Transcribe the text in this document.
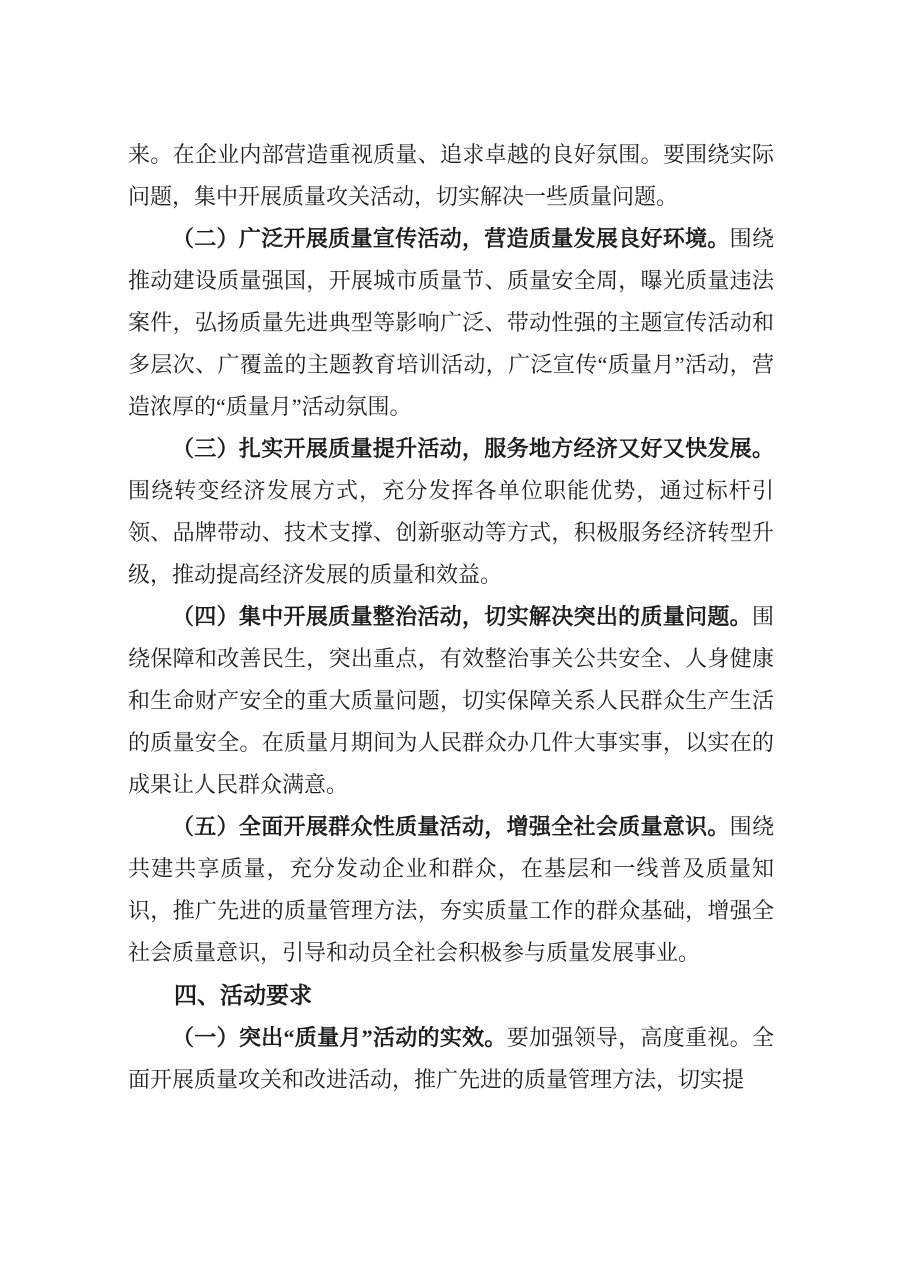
来。在企业内部营造重视质量、追求卓越的良好氛围。要围绕实际问题，集中开展质量攻关活动，切实解决一些质量问题。

（二）广泛开展质量宣传活动，营造质量发展良好环境。围绕推动建设质量强国，开展城市质量节、质量安全周，曝光质量违法案件，弘扬质量先进典型等影响广泛、带动性强的主题宣传活动和多层次、广覆盖的主题教育培训活动，广泛宣传“质量月”活动，营造浓厚的“质量月”活动氛围。

（三）扎实开展质量提升活动，服务地方经济又好又快发展。围绕转变经济发展方式，充分发挥各单位职能优势，通过标杆引领、品牌带动、技术支撑、创新驱动等方式，积极服务经济转型升级，推动提高经济发展的质量和效益。

（四）集中开展质量整治活动，切实解决突出的质量问题。围绕保障和改善民生，突出重点，有效整治事关公共安全、人身健康和生命财产安全的重大质量问题，切实保障关系人民群众生产生活的质量安全。在质量月期间为人民群众办几件大事实事，以实在的成果让人民群众满意。

（五）全面开展群众性质量活动，增强全社会质量意识。围绕共建共享质量，充分发动企业和群众，在基层和一线普及质量知识，推广先进的质量管理方法，夯实质量工作的群众基础，增强全社会质量意识，引导和动员全社会积极参与质量发展事业。

四、活动要求

（一）突出“质量月”活动的实效。要加强领导，高度重视。全面开展质量攻关和改进活动，推广先进的质量管理方法，切实提
